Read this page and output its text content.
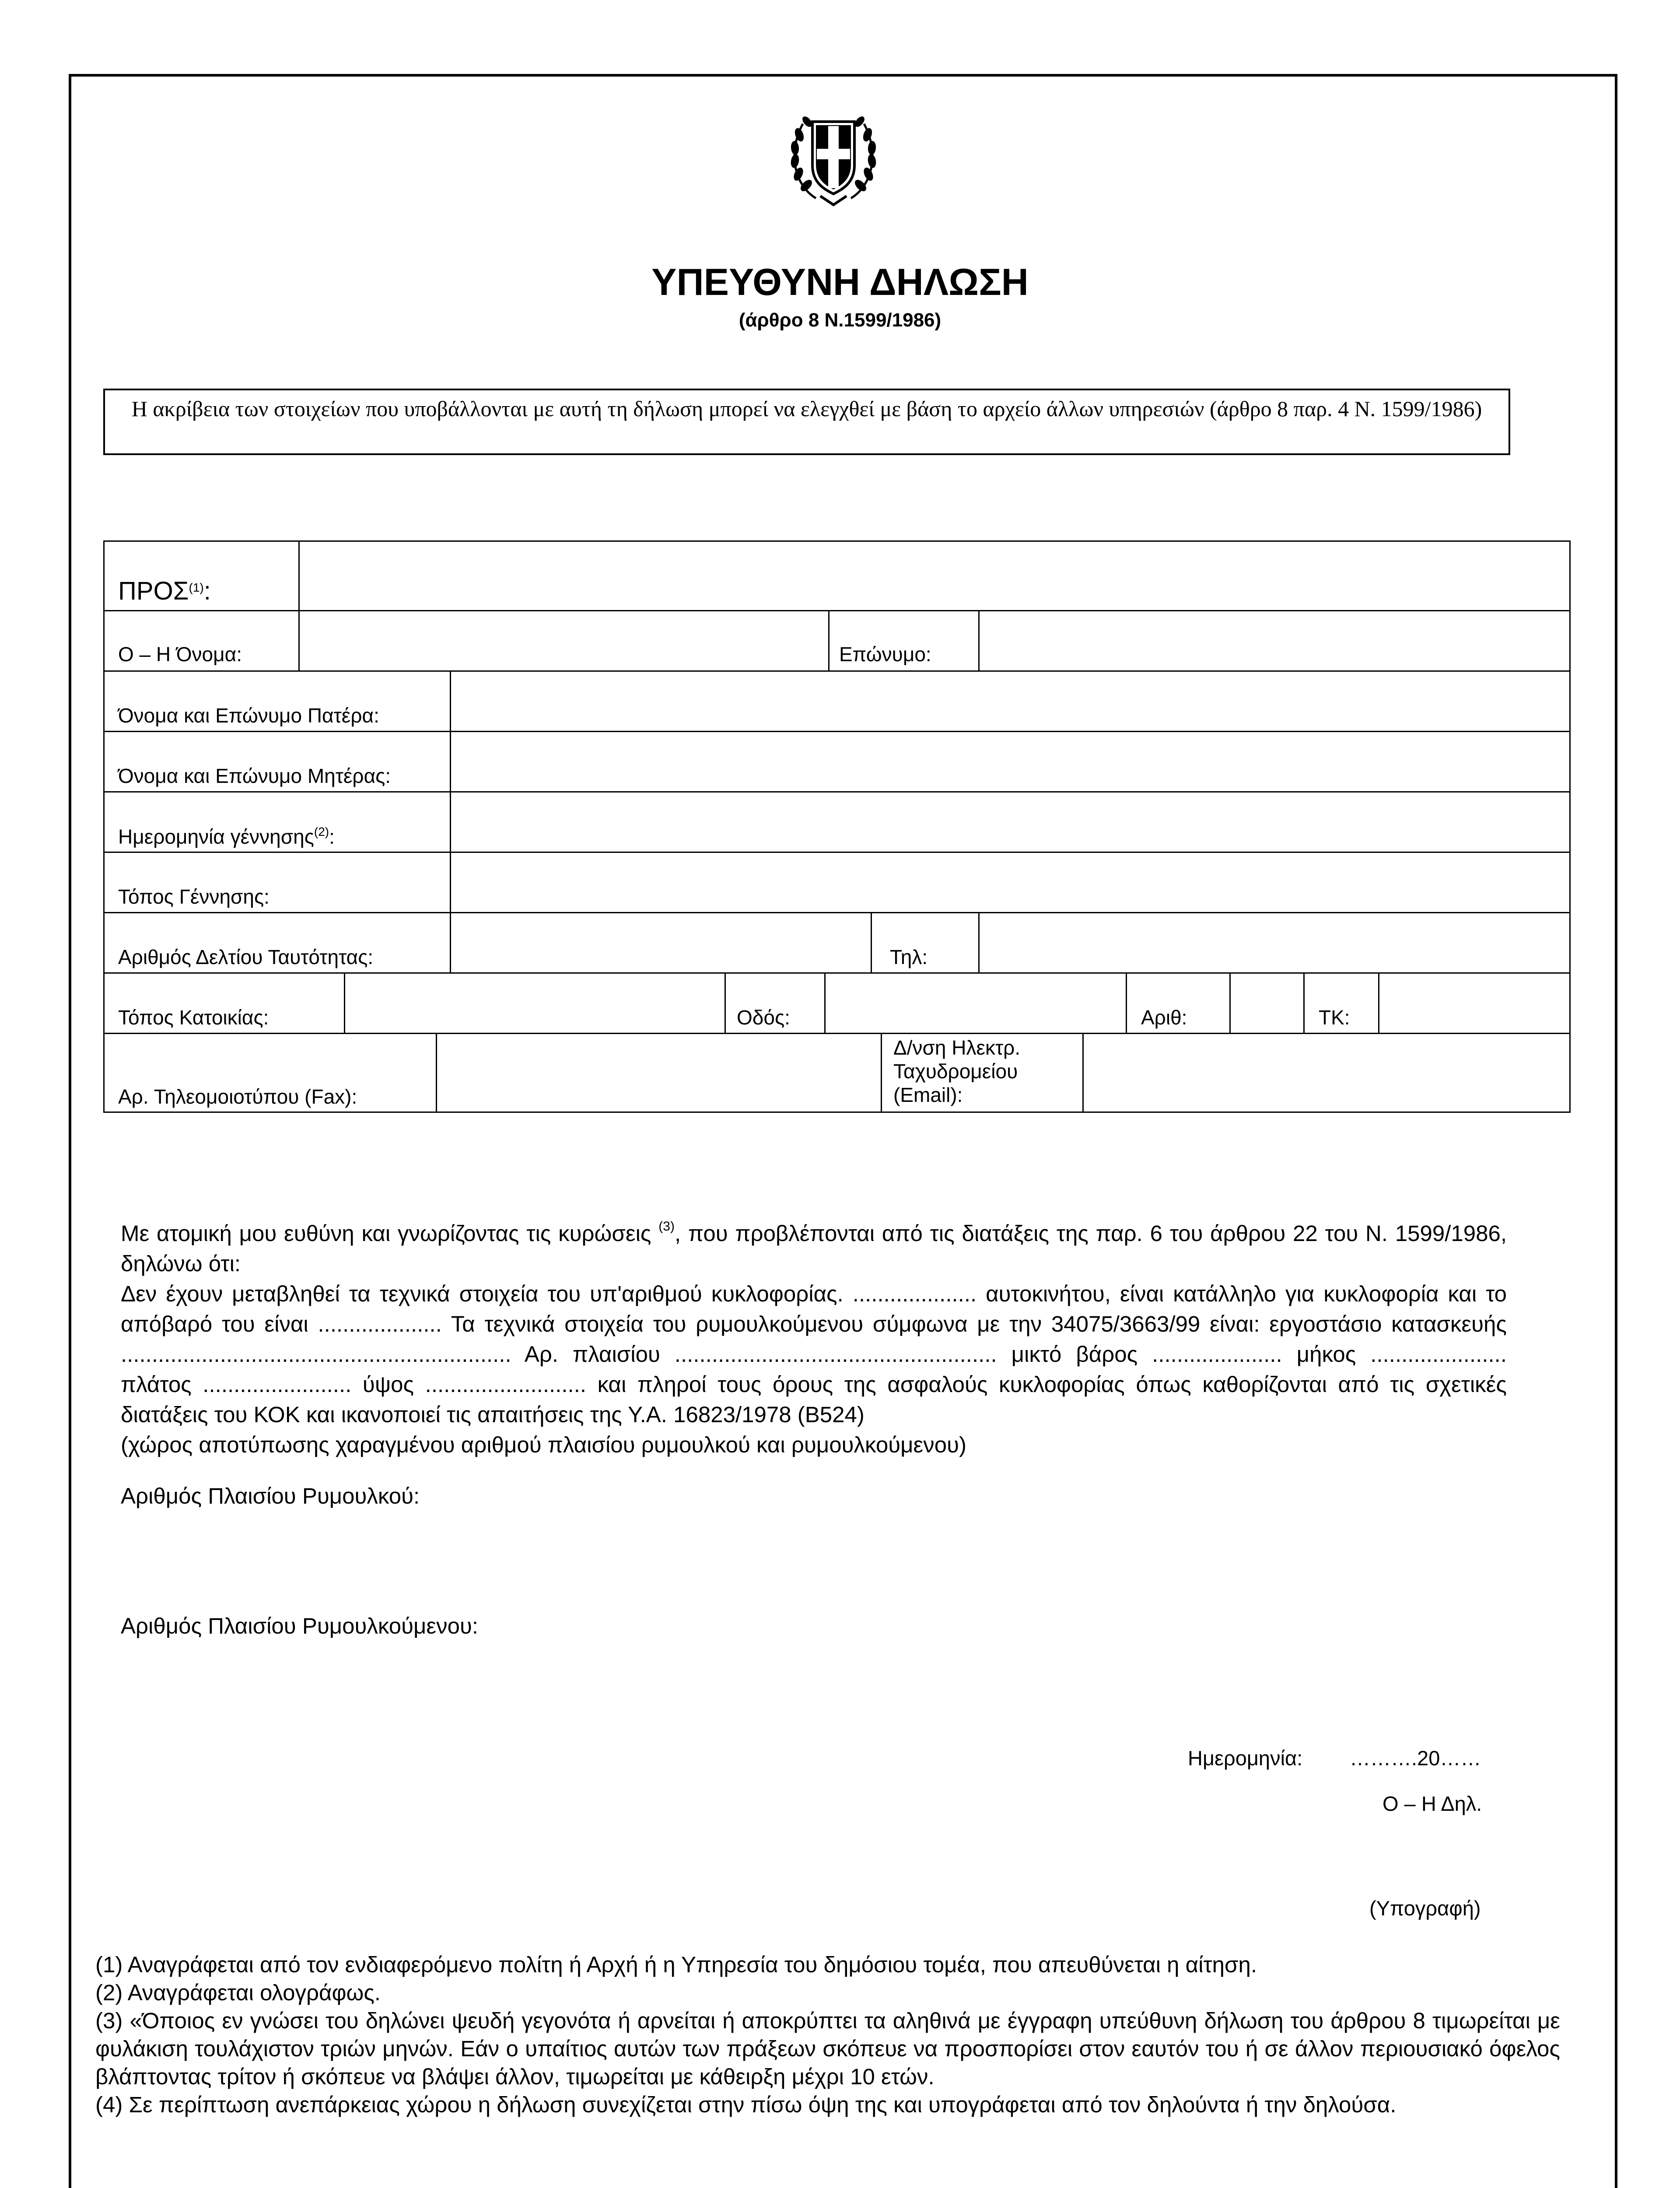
ΥΠΕΥΘΥΝΗ ΔΗΛΩΣΗ
(άρθρο 8 Ν.1599/1986)
Η ακρίβεια των στοιχείων που υποβάλλονται με αυτή τη δήλωση μπορεί να ελεγχθεί με βάση το αρχείο άλλων υπηρεσιών (άρθρο 8 παρ. 4 Ν. 1599/1986)
ΠΡΟΣ$^{(1)}$:
Ο – Η Όνομα:	Επώνυμο:
Όνομα και Επώνυμο Πατέρα:
Όνομα και Επώνυμο Μητέρας:
Ημερομηνία γέννησης$^{(2)}$:
Τόπος Γέννησης:
Αριθμός Δελτίου Ταυτότητας:	Τηλ:
Τόπος Κατοικίας:	Οδός:	Αριθ:	ΤΚ:
Αρ. Τηλεομοιοτύπου (Fax):
Δ/νση Ηλεκτρ. Ταχυδρομείου (Email):

Με ατομική μου ευθύνη και γνωρίζοντας τις κυρώσεις $^{(3)}$, που προβλέπονται από τις διατάξεις της παρ. 6 του άρθρου 22 του Ν. 1599/1986, δηλώνω ότι:

Δεν έχουν μεταβληθεί τα τεχνικά στοιχεία του υπ'αριθμού κυκλοφορίας. .................... αυτοκινήτου, είναι κατάλληλο για κυκλοφορία και το απόβαρό του είναι .................... Τα τεχνικά στοιχεία του ρυμουλκούμενου σύμφωνα με την 34075/3663/99 είναι: εργοστάσιο κατασκευής ............................................................... Αρ. πλαισίου .................................................... μικτό βάρος ..................... μήκος ...................... πλάτος ........................ ύψος .......................... και πληροί τους όρους της ασφαλούς κυκλοφορίας όπως καθορίζονται από τις σχετικές διατάξεις του ΚΟΚ και ικανοποιεί τις απαιτήσεις της Υ.Α. 16823/1978 (Β524)

(χώρος αποτύπωσης χαραγμένου αριθμού πλαισίου ρυμουλκού και ρυμουλκούμενου)

Αριθμός Πλαισίου Ρυμουλκού:
Αριθμός Πλαισίου Ρυμουλκούμενου:
Ημερομηνία: ……….20……
Ο – Η Δηλ.
(Υπογραφή)

(1) Αναγράφεται από τον ενδιαφερόμενο πολίτη ή Αρχή ή η Υπηρεσία του δημόσιου τομέα, που απευθύνεται η αίτηση.

(2) Αναγράφεται ολογράφως.

(3) «Όποιος εν γνώσει του δηλώνει ψευδή γεγονότα ή αρνείται ή αποκρύπτει τα αληθινά με έγγραφη υπεύθυνη δήλωση του άρθρου 8 τιμωρείται με φυλάκιση τουλάχιστον τριών μηνών. Εάν ο υπαίτιος αυτών των πράξεων σκόπευε να προσπορίσει στον εαυτόν του ή σε άλλον περιουσιακό όφελος βλάπτοντας τρίτον ή σκόπευε να βλάψει άλλον, τιμωρείται με κάθειρξη μέχρι 10 ετών.

(4) Σε περίπτωση ανεπάρκειας χώρου η δήλωση συνεχίζεται στην πίσω όψη της και υπογράφεται από τον δηλούντα ή την δηλούσα.
